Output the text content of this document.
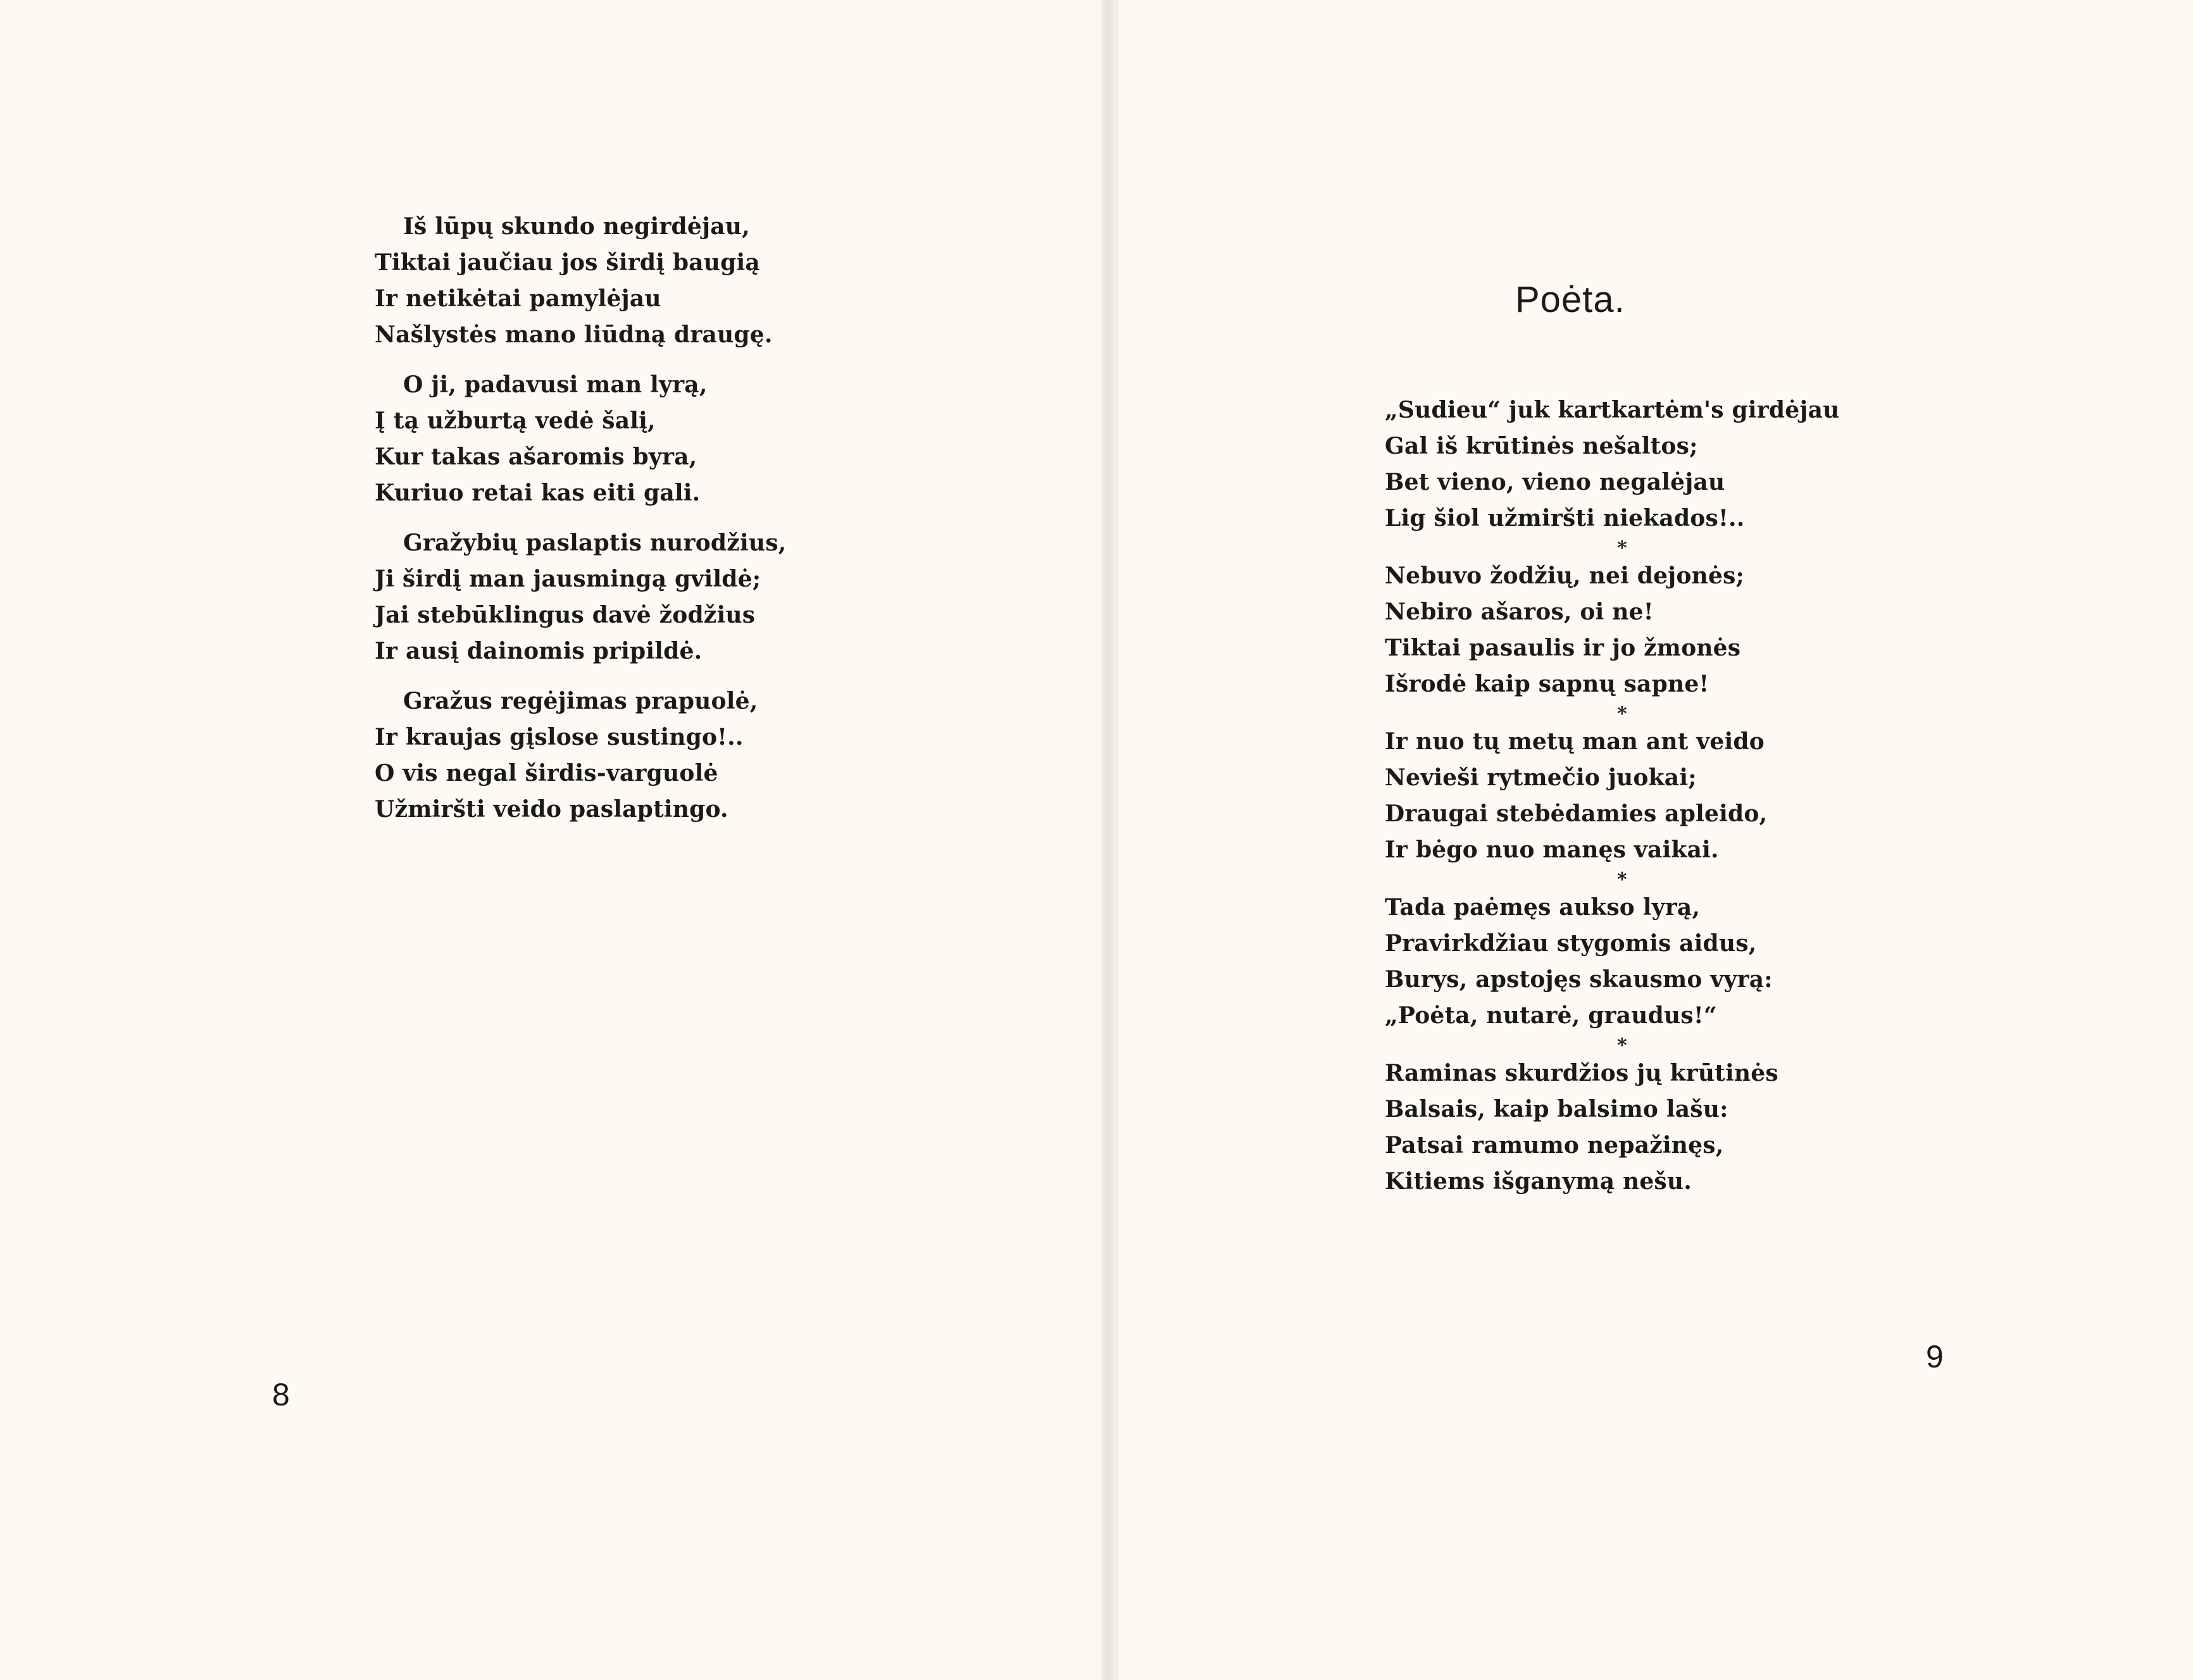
Iš lūpų skundo negirdėjau,
Tiktai jaučiau jos širdį baugią
Ir netikėtai pamylėjau
Našlystės mano liūdną draugę.
O ji, padavusi man lyrą,
Į tą užburtą vedė šalį,
Kur takas ašaromis byra,
Kuriuo retai kas eiti gali.
Gražybių paslaptis nurodžius,
Ji širdį man jausmingą gvildė;
Jai stebūklingus davė žodžius
Ir ausį dainomis pripildė.
Gražus regėjimas prapuolė,
Ir kraujas gįslose sustingo!..
O vis negal širdis-varguolė
Užmiršti veido paslaptingo.
8
Poėta.
„Sudieu“ juk kartkartėm's girdėjau
Gal iš krūtinės nešaltos;
Bet vieno, vieno negalėjau
Lig šiol užmiršti niekados!..
*
Nebuvo žodžių, nei dejonės;
Nebiro ašaros, oi ne!
Tiktai pasaulis ir jo žmonės
Išrodė kaip sapnų sapne!
*
Ir nuo tų metų man ant veido
Nevieši rytmečio juokai;
Draugai stebėdamies apleido,
Ir bėgo nuo manęs vaikai.
*
Tada paėmęs aukso lyrą,
Pravirkdžiau stygomis aidus,
Burys, apstojęs skausmo vyrą:
„Poėta, nutarė, graudus!“
*
Raminas skurdžios jų krūtinės
Balsais, kaip balsimo lašu:
Patsai ramumo nepažinęs,
Kitiems išganymą nešu.
9
